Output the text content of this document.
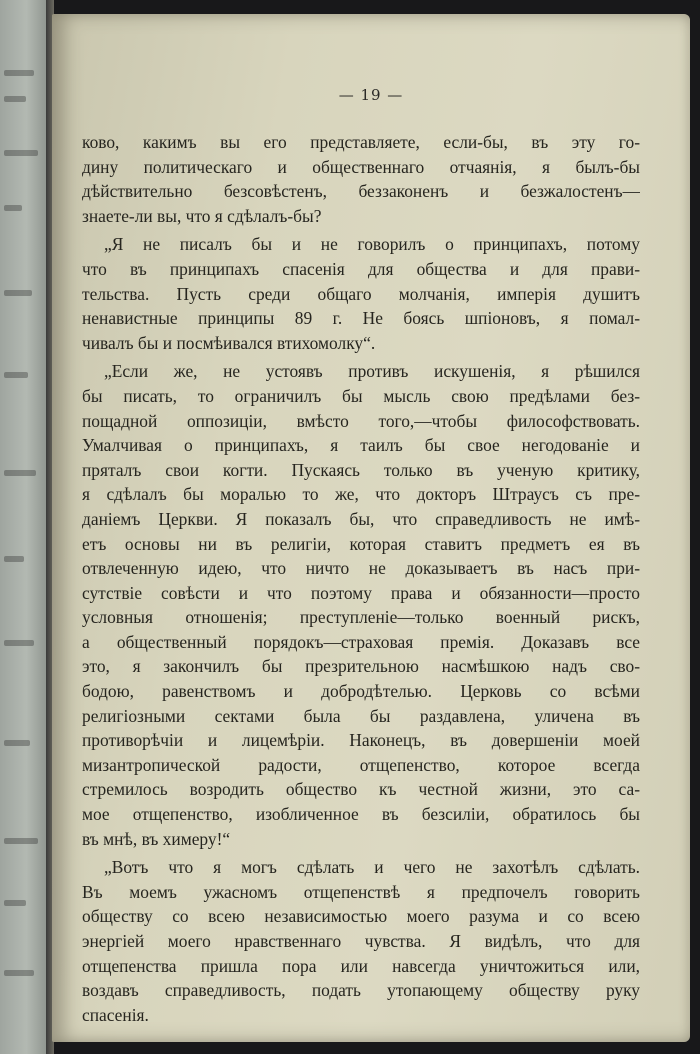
— 19 —
ково, какимъ вы его представляете, если-бы, въ эту го-
дину политическаго и общественнаго отчаянія, я былъ-бы
дѣйствительно безсовѣстенъ, беззаконенъ и безжалостенъ—
знаете-ли вы, что я сдѣлалъ-бы?
„Я не писалъ бы и не говорилъ о принципахъ, потому
что въ принципахъ спасенія для общества и для прави-
тельства. Пусть среди общаго молчанія, имперія душитъ
ненавистные принципы 89 г. Не боясь шпіоновъ, я помал-
чивалъ бы и посмѣивался втихомолку“.
„Если же, не устоявъ противъ искушенія, я рѣшился
бы писать, то ограничилъ бы мысль свою предѣлами без-
пощадной оппозиціи, вмѣсто того,—чтобы философствовать.
Умалчивая о принципахъ, я таилъ бы свое негодованіе и
пряталъ свои когти. Пускаясь только въ ученую критику,
я сдѣлалъ бы моралью то же, что докторъ Штраусъ съ пре-
даніемъ Церкви. Я показалъ бы, что справедливость не имѣ-
етъ основы ни въ религіи, которая ставитъ предметъ ея въ
отвлеченную идею, что ничто не доказываетъ въ насъ при-
сутствіе совѣсти и что поэтому права и обязанности—просто
условныя отношенія; преступленіе—только военный рискъ,
а общественный порядокъ—страховая премія. Доказавъ все
это, я закончилъ бы презрительною насмѣшкою надъ сво-
бодою, равенствомъ и добродѣтелью. Церковь со всѣми
религіозными сектами была бы раздавлена, уличена въ
противорѣчіи и лицемѣріи. Наконецъ, въ довершеніи моей
мизантропической радости, отщепенство, которое всегда
стремилось возродить общество къ честной жизни, это са-
мое отщепенство, изобличенное въ безсиліи, обратилось бы
въ мнѣ, въ химеру!“
„Вотъ что я могъ сдѣлать и чего не захотѣлъ сдѣлать.
Въ моемъ ужасномъ отщепенствѣ я предпочелъ говорить
обществу со всею независимостью моего разума и со всею
энергіей моего нравственнаго чувства. Я видѣлъ, что для
отщепенства пришла пора или навсегда уничтожиться или,
воздавъ справедливость, подать утопающему обществу руку
спасенія.
